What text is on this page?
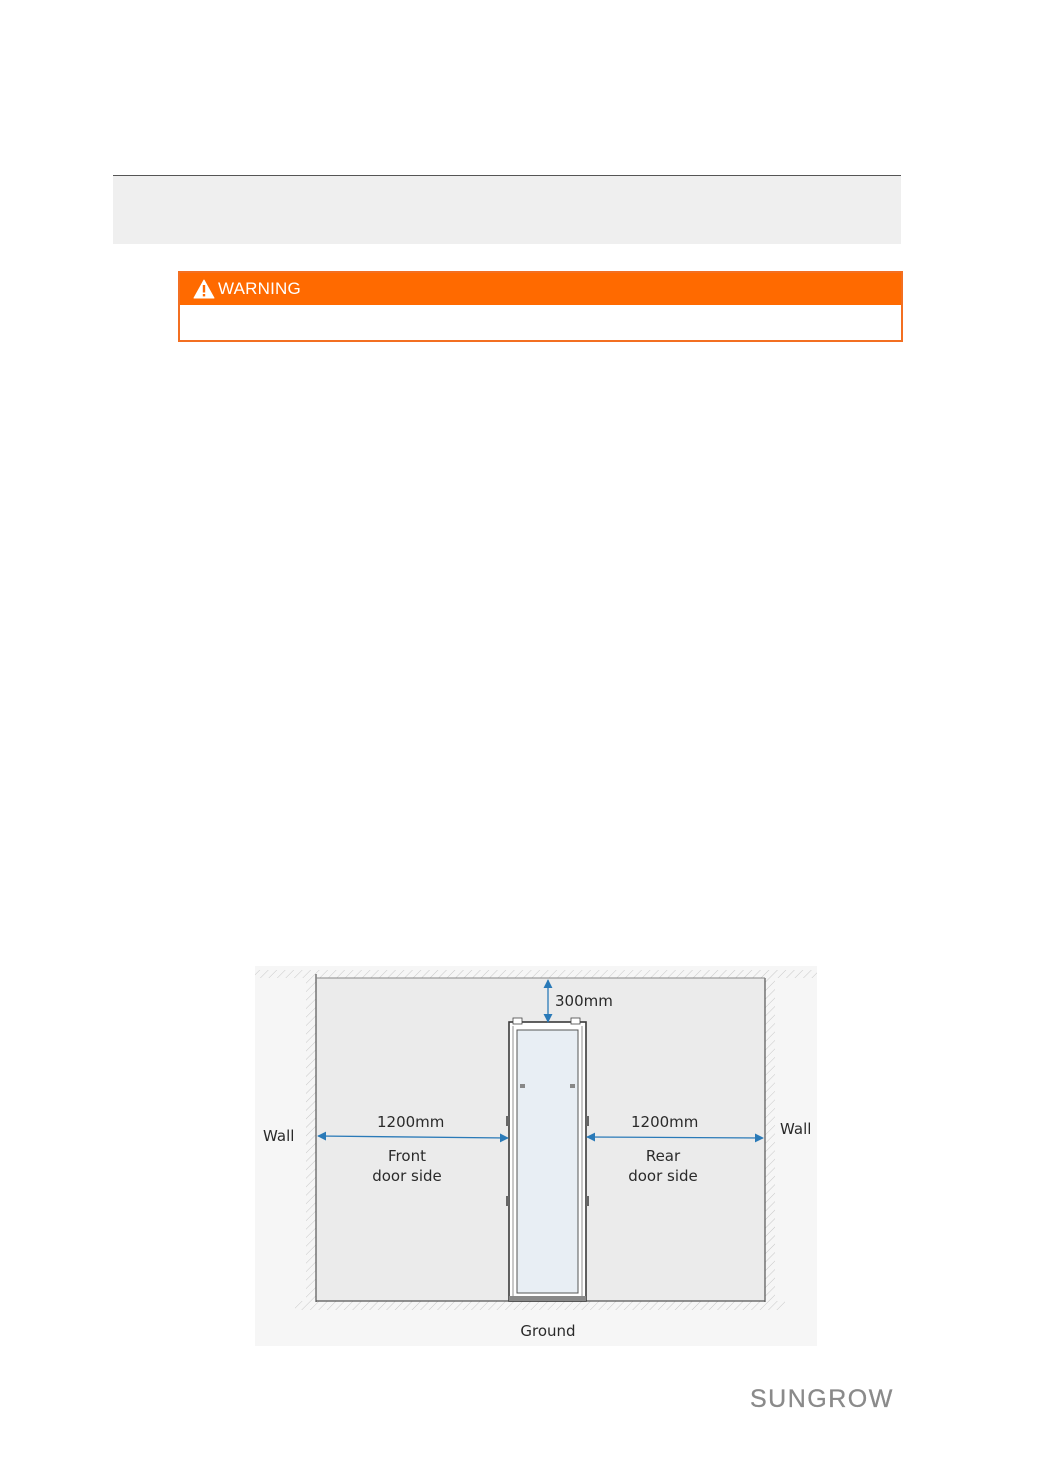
WARNING
300mm
1200mm	1200mm
Wall	Wall
Front
door side
Rear
door side
Ground
SUNGROW
